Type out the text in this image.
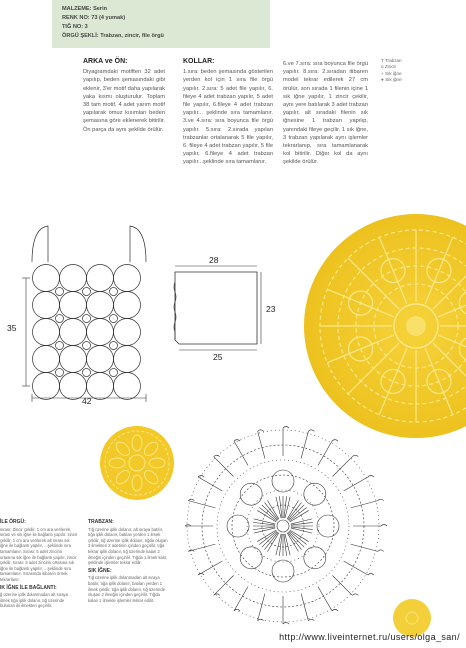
MALZEME: Serin
RENK NO: 73 (4 yumak)
TIĞ NO: 3
ÖRGÜ ŞEKLİ: Trabzan, zincir, file örgü
ARKA ve ÖN:

Diyagramdaki motiften 32 adet yapılıp, beden şemasındaki gibi eklenir, 3'er motif daha yapılarak yaka kısmı oluşturulur. Toplam 38 tam motif, 4 adet yarım motif yapılarak omuz kısımları beden şemasına göre eklenerek bitirilir. Ön parça da aynı şekilde örülür.

KOLLAR:

1.sıra: beden şemasında gösterilen yerden kol için 1 sıra file örgü yapılır. 2.sıra: 5 adet file yapılır, 6. fileye 4 adet trabzan yapılır, 5 adet file yapılır, 6.fileye 4 adet trabzan yapılır... şeklinde sıra tamamlanır. 3.ve 4.sıra: sıra boyunca file örgü yapılır. 5.sıra: 2.sırada yapılan trabzanlar ortalanarak 5 file yapılır, 6. fileye 4 adet trabzan yapılır, 5 file yapılır, 6.fileye 4 adet trabzan yapılır...şeklinde sıra tamamlanır.

6.ve 7.sıra: sıra boyunca file örgü yapılır. 8.sıra: 2.sıradan itibaren model tekrar edilerek 27 cm örülür, son sırada 1 filenin içine 1 sık iğne yapılır, 1 zincir çekilir, aynı yere batılarak 3 adet trabzan yapılır, alt sıradaki filenin sık iğnesine 1 trabzan yapılıp, yanındaki fileye geçilir. 1 sık iğne, 3 trabzan yapılarak aynı işlemler tekrarlanıp, sıra tamamlanarak kol bitirilir. Diğer kol da aynı şekilde örülür.

T Trabzan
o Zincir
+ Sık iğne
● Sık iğne
35
42
28
23
25
İLE ÖRGÜ:

sırası: Zincir çekilir, 1 cm ara verilerek, sırası ve sık iğne ile bağlantı yapılır. zincir çekilir, 1 cm ara verilerek alt sırası sık iğne ile bağlantı yapılır, ...şeklinde sıra tamamlanır. Sırası: 5 adet zincirin ortasına sık iğne ile bağlantı yapılır, zincir çekilir, sırası: 5 adet zincirin ortasına sık iğne ile bağlantı yapılır, ...şeklinde sıra tamamlanır. Sırasında itibaren örnek tekrarlanır.

IK İĞNE İLE BAĞLANTI:

ğ üzerine iplik dolanmadan alt sıraya ilmek tığa iplik dolanır, tığ üzerinde bulunan iki ilmekten geçirilir.

TRABZAN:

Tığ üzerine iplik dolanır, alt sıraya batılır, tığa iplik dolanır, batılan yerden 1 ilmek çekilir, tığ üzerine iplik dolanır, tığda oluşan 3 ilmekten 2 adetinin içinden geçirilir, tığa tekrar iplik dolanır, tığ üzerinde kalan 2 ilmeğin içinden geçirilir. Tığda 1 ilmek kalır, şeklinde işlemler tekrar edilir.

SIK İĞNE:

Tığ üzerine iplik dolanmadan alt sıraya batılır, tığa iplik dolanır, batılan yerden 1 ilmek çekilir, tığa iplik dolanır, tığ üzerinde oluşan 2 ilmeğin içinden geçirilir. Tığda kalan 1 ilmekle işlemler tekrar edilir.

http://www.liveinternet.ru/users/olga_san/
